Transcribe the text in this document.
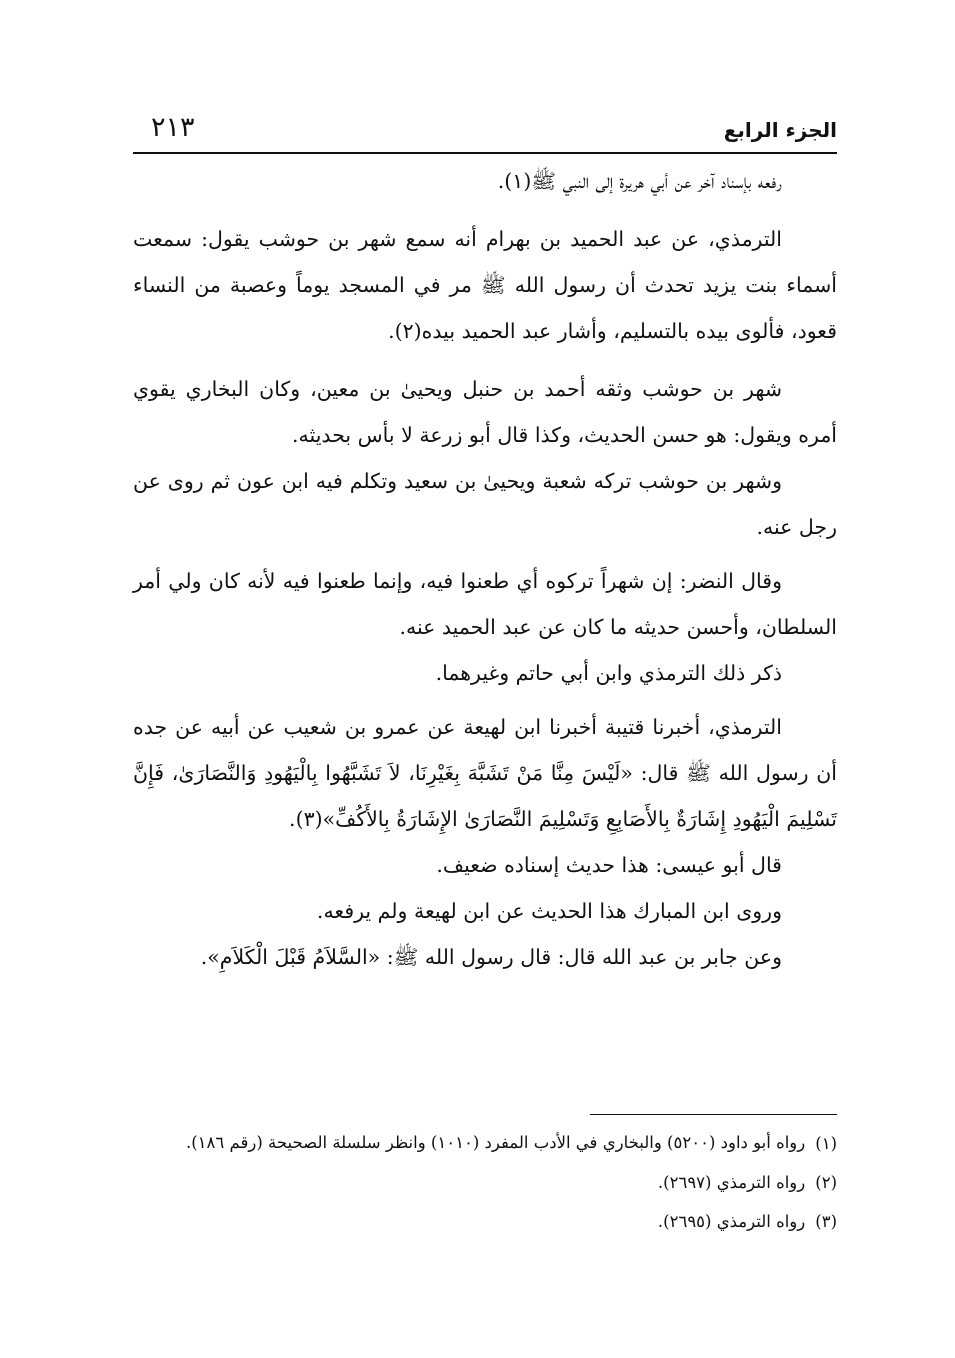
الجزء الرابع
٢١٣

رفعه بإسناد آخر عن أبي هريرة إلى النبي ﷺ(١).

الترمذي، عن عبد الحميد بن بهرام أنه سمع شهر بن حوشب يقول: سمعت أسماء بنت يزيد تحدث أن رسول الله ﷺ مر في المسجد يوماً وعصبة من النساء قعود، فألوى بيده بالتسليم، وأشار عبد الحميد بيده(٢).

شهر بن حوشب وثقه أحمد بن حنبل ويحيىٰ بن معين، وكان البخاري يقوي أمره ويقول: هو حسن الحديث، وكذا قال أبو زرعة لا بأس بحديثه.

وشهر بن حوشب تركه شعبة ويحيىٰ بن سعيد وتكلم فيه ابن عون ثم روى عن رجل عنه.

وقال النضر: إن شهراً تركوه أي طعنوا فيه، وإنما طعنوا فيه لأنه كان ولي أمر السلطان، وأحسن حديثه ما كان عن عبد الحميد عنه.

ذكر ذلك الترمذي وابن أبي حاتم وغيرهما.

الترمذي، أخبرنا قتيبة أخبرنا ابن لهيعة عن عمرو بن شعيب عن أبيه عن جده أن رسول الله ﷺ قال: «لَيْسَ مِنَّا مَنْ تَشَبَّهَ بِغَيْرِنَا، لاَ تَشَبَّهُوا بِالْيَهُودِ وَالنَّصَارَىٰ، فَإِنَّ تَسْلِيمَ الْيَهُودِ إِشَارَةٌ بِالأَصَابِعِ وَتَسْلِيمَ النَّصَارَىٰ الإِشَارَةُ بِالأَكُفِّ»(٣).

قال أبو عيسى: هذا حديث إسناده ضعيف.

وروى ابن المبارك هذا الحديث عن ابن لهيعة ولم يرفعه.

وعن جابر بن عبد الله قال: قال رسول الله ﷺ: «السَّلاَمُ قَبْلَ الْكَلاَمِ».

(١)
رواه أبو داود (٥٢٠٠) والبخاري في الأدب المفرد (١٠١٠) وانظر سلسلة الصحيحة (رقم ١٨٦).
(٢)
رواه الترمذي (٢٦٩٧).
(٣)
رواه الترمذي (٢٦٩٥).
